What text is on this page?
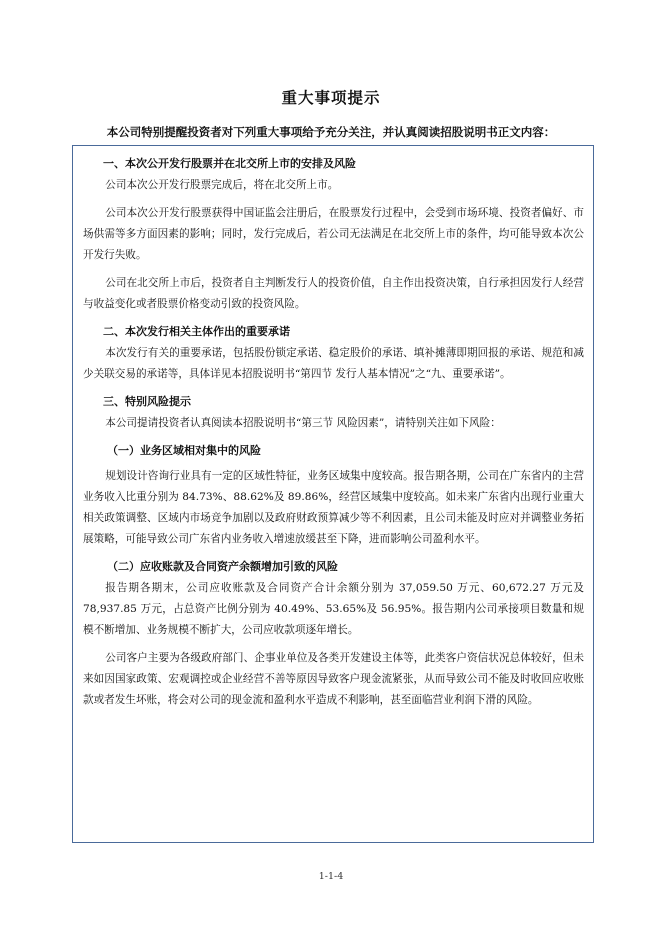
重大事项提示
本公司特别提醒投资者对下列重大事项给予充分关注，并认真阅读招股说明书正文内容：
一、本次公开发行股票并在北交所上市的安排及风险

公司本次公开发行股票完成后，将在北交所上市。

公司本次公开发行股票获得中国证监会注册后，在股票发行过程中，会受到市场环境、投资者偏好、市场供需等多方面因素的影响；同时，发行完成后，若公司无法满足在北交所上市的条件，均可能导致本次公开发行失败。

公司在北交所上市后，投资者自主判断发行人的投资价值，自主作出投资决策，自行承担因发行人经营与收益变化或者股票价格变动引致的投资风险。

二、本次发行相关主体作出的重要承诺

本次发行有关的重要承诺，包括股份锁定承诺、稳定股价的承诺、填补摊薄即期回报的承诺、规范和减少关联交易的承诺等，具体详见本招股说明书“第四节 发行人基本情况”之“九、重要承诺”。

三、特别风险提示

本公司提请投资者认真阅读本招股说明书“第三节 风险因素”，请特别关注如下风险：

（一）业务区域相对集中的风险

规划设计咨询行业具有一定的区域性特征，业务区域集中度较高。报告期各期，公司在广东省内的主营业务收入比重分别为 84.73%、88.62%及 89.86%，经营区域集中度较高。如未来广东省内出现行业重大相关政策调整、区域内市场竞争加剧以及政府财政预算减少等不利因素，且公司未能及时应对并调整业务拓展策略，可能导致公司广东省内业务收入增速放缓甚至下降，进而影响公司盈利水平。

（二）应收账款及合同资产余额增加引致的风险

报告期各期末，公司应收账款及合同资产合计余额分别为 37,059.50 万元、60,672.27 万元及 78,937.85 万元，占总资产比例分别为 40.49%、53.65%及 56.95%。报告期内公司承接项目数量和规模不断增加、业务规模不断扩大，公司应收款项逐年增长。

公司客户主要为各级政府部门、企事业单位及各类开发建设主体等，此类客户资信状况总体较好，但未来如因国家政策、宏观调控或企业经营不善等原因导致客户现金流紧张，从而导致公司不能及时收回应收账款或者发生坏账，将会对公司的现金流和盈利水平造成不利影响，甚至面临营业利润下滑的风险。

1-1-4
